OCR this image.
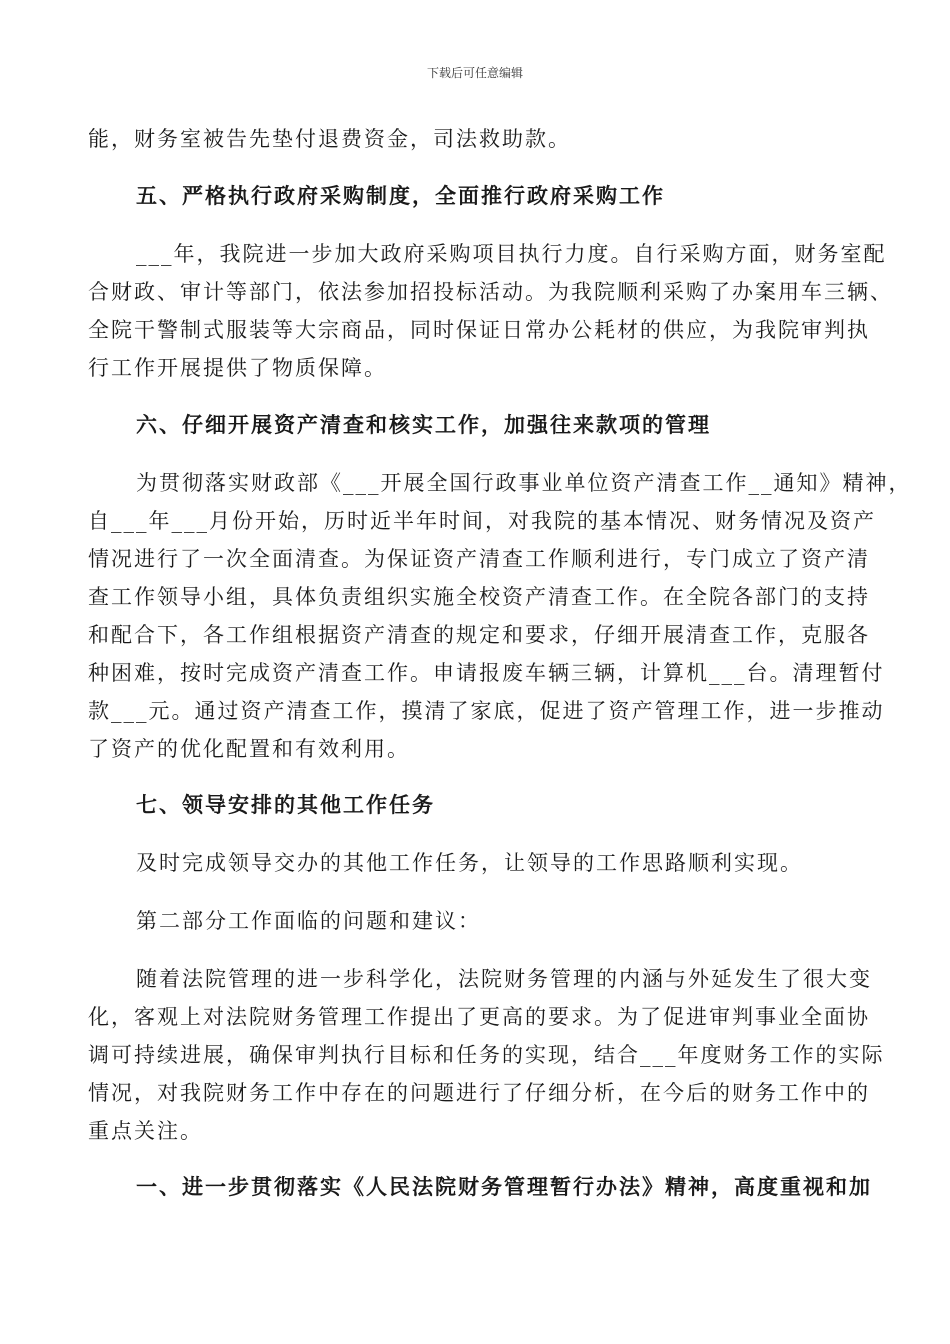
下载后可任意编辑
能，财务室被告先垫付退费资金，司法救助款。
五、严格执行政府采购制度，全面推行政府采购工作
___年，我院进一步加大政府采购项目执行力度。自行采购方面，财务室配
合财政、审计等部门，依法参加招投标活动。为我院顺利采购了办案用车三辆、
全院干警制式服装等大宗商品，同时保证日常办公耗材的供应，为我院审判执
行工作开展提供了物质保障。
六、仔细开展资产清查和核实工作，加强往来款项的管理
为贯彻落实财政部《___开展全国行政事业单位资产清查工作__通知》精神，
自___年___月份开始，历时近半年时间，对我院的基本情况、财务情况及资产
情况进行了一次全面清查。为保证资产清查工作顺利进行，专门成立了资产清
查工作领导小组，具体负责组织实施全校资产清查工作。在全院各部门的支持
和配合下，各工作组根据资产清查的规定和要求，仔细开展清查工作，克服各
种困难，按时完成资产清查工作。申请报废车辆三辆，计算机___台。清理暂付
款___元。通过资产清查工作，摸清了家底，促进了资产管理工作，进一步推动
了资产的优化配置和有效利用。
七、领导安排的其他工作任务
及时完成领导交办的其他工作任务，让领导的工作思路顺利实现。
第二部分工作面临的问题和建议：
随着法院管理的进一步科学化，法院财务管理的内涵与外延发生了很大变
化，客观上对法院财务管理工作提出了更高的要求。为了促进审判事业全面协
调可持续进展，确保审判执行目标和任务的实现，结合___年度财务工作的实际
情况，对我院财务工作中存在的问题进行了仔细分析，在今后的财务工作中的
重点关注。
一、进一步贯彻落实《人民法院财务管理暂行办法》精神，高度重视和加
